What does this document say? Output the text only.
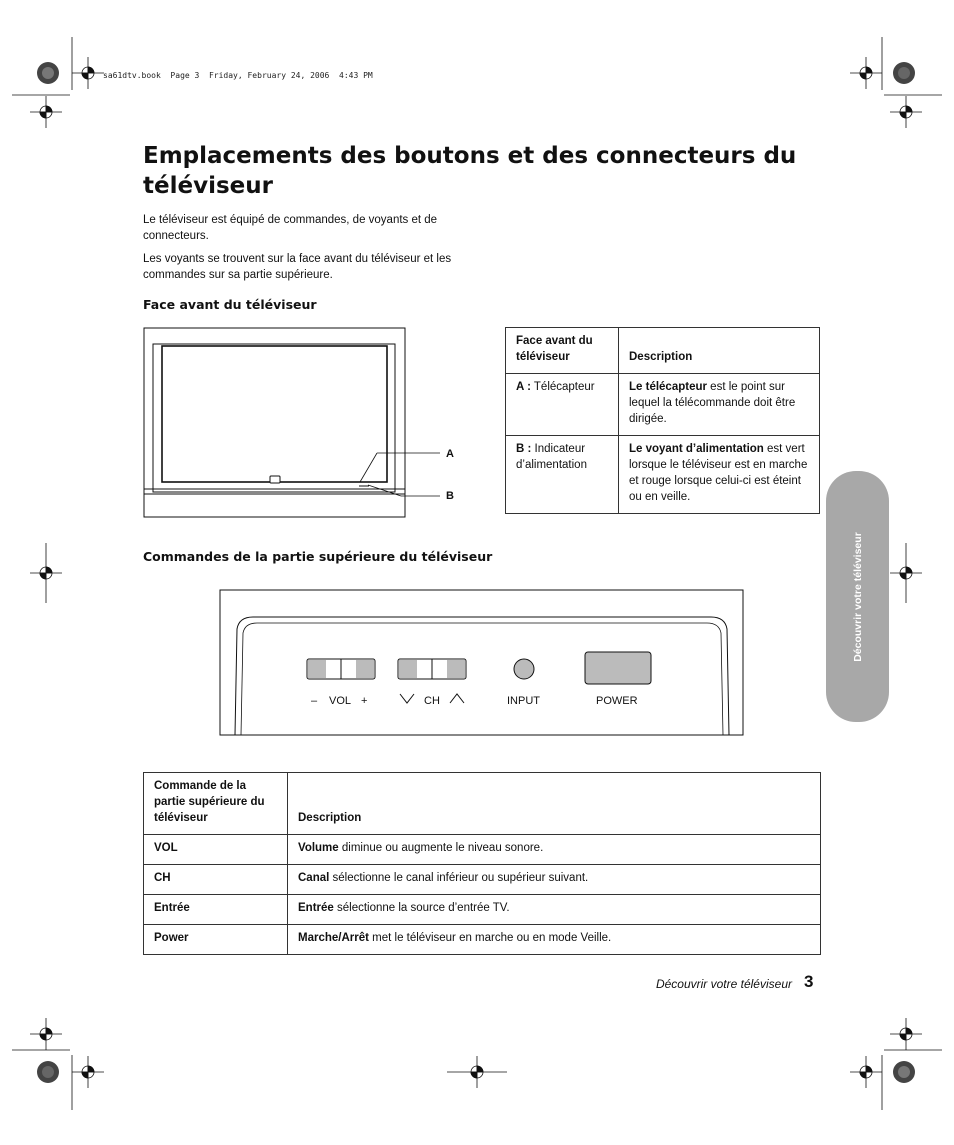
sa61dtv.book  Page 3  Friday, February 24, 2006  4:43 PM
Emplacements des boutons et des connecteurs du téléviseur

Le téléviseur est équipé de commandes, de voyants et de connecteurs.

Les voyants se trouvent sur la face avant du téléviseur et les commandes sur sa partie supérieure.

Face avant du téléviseur

A
B
Face avant du téléviseur	Description
A : Télécapteur	Le télécapteur est le point sur lequel la télécommande doit être dirigée.
B : Indicateur d’alimentation	Le voyant d’alimentation est vert lorsque le téléviseur est en marche et rouge lorsque celui-ci est éteint ou en veille.

Commandes de la partie supérieure du téléviseur

– VOL +	CH	INPUT	POWER
Commande de la partie supérieure du téléviseur	Description
VOL	Volume diminue ou augmente le niveau sonore.
CH	Canal sélectionne le canal inférieur ou supérieur suivant.
Entrée	Entrée sélectionne la source d’entrée TV.
Power	Marche/Arrêt met le téléviseur en marche ou en mode Veille.
Découvrir votre téléviseur
Découvrir votre téléviseur 3
